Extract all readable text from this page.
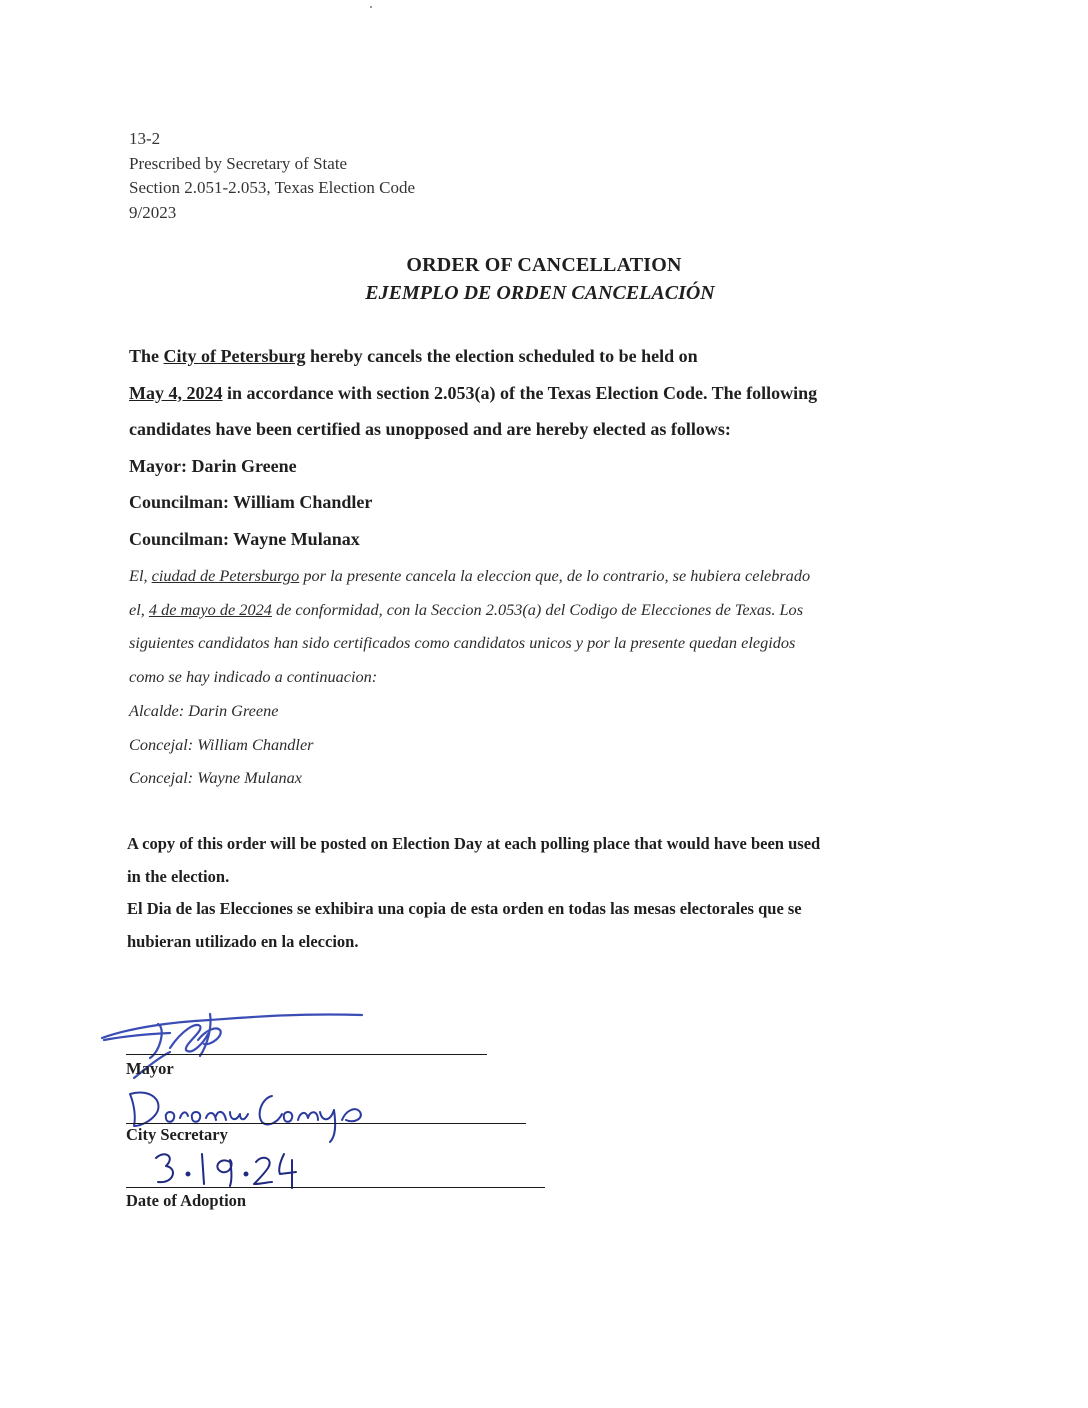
13-2
Prescribed by Secretary of State
Section 2.051-2.053, Texas Election Code
9/2023
ORDER OF CANCELLATION
EJEMPLO DE ORDEN CANCELACIÓN
The City of Petersburg hereby cancels the election scheduled to be held on
May 4, 2024 in accordance with section 2.053(a) of the Texas Election Code. The following
candidates have been certified as unopposed and are hereby elected as follows:
Mayor: Darin Greene
Councilman: William Chandler
Councilman: Wayne Mulanax
El, ciudad de Petersburgo por la presente cancela la eleccion que, de lo contrario, se hubiera celebrado
el, 4 de mayo de 2024 de conformidad, con la Seccion 2.053(a) del Codigo de Elecciones de Texas. Los
siguientes candidatos han sido certificados como candidatos unicos y por la presente quedan elegidos
como se hay indicado a continuacion:
Alcalde: Darin Greene
Concejal: William Chandler
Concejal: Wayne Mulanax
A copy of this order will be posted on Election Day at each polling place that would have been used
in the election.
El Dia de las Elecciones se exhibira una copia de esta orden en todas las mesas electorales que se
hubieran utilizado en la eleccion.
Mayor
City Secretary
Date of Adoption
